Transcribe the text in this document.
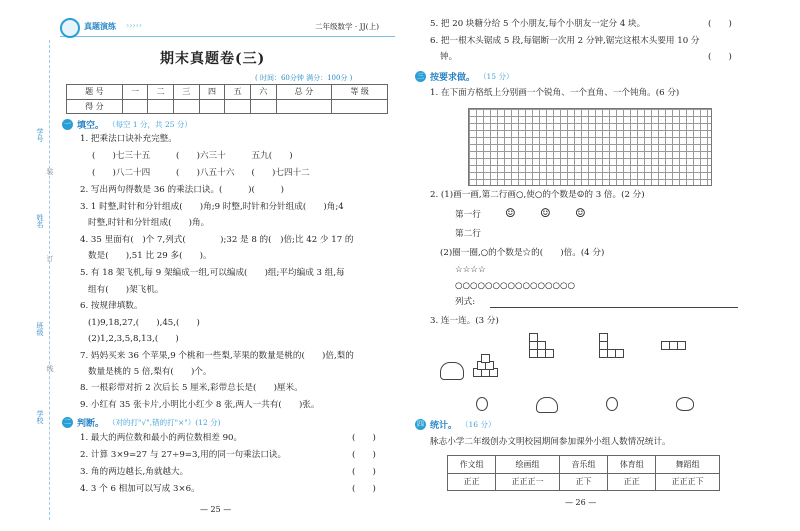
真题演练 ›››››	二年级数学 · JJ(上)
期末真题卷(三)
( 时间：60分钟 满分：100分 )
题 号	一	二	三	四	五	六	总 分	等 级
得 分								
学号
姓名
班级
学校
装
订
线
一 填空。 （每空 1 分，共 25 分）
1. 把乘法口诀补充完整。
(　　)七三十五　　　(　　)六三十　　　五九(　　)
(　　)八二十四　　　(　　)八五十六　　(　　)七四十二
2. 写出两句得数是 36 的乘法口诀。(　　　)(　　　)
3. 1 时整,时针和分针组成(　　)角;9 时整,时针和分针组成(　　)角;4
时整,时针和分针组成(　　)角。
4. 35 里面有(　)个 7,列式(　　　　);32 是 8 的(　)倍;比 42 少 17 的
数是(　　),51 比 29 多(　　)。
5. 有 18 架飞机,每 9 架编成一组,可以编成(　　)组;平均编成 3 组,每
组有(　　)架飞机。
6. 按规律填数。
(1)9,18,27,(　　),45,(　　)
(2)1,2,3,5,8,13,(　　)
7. 妈妈买来 36 个苹果,9 个桃和一些梨,苹果的数量是桃的(　　)倍,梨的
数量是桃的 5 倍,梨有(　　)个。
8. 一根彩带对折 2 次后长 5 厘米,彩带总长是(　　)厘米。
9. 小红有 35 张卡片,小明比小红少 8 张,两人一共有(　　)张。
二 判断。 （对的打"√",错的打"×"）(12 分)
1. 最大的两位数和最小的两位数相差 90。
2. 计算 3×9=27 与 27÷9=3,用的同一句乘法口诀。
3. 角的两边越长,角就越大。
4. 3 个 6 相加可以写成 3×6。
(　　)
(　　)
(　　)
(　　)
— 25 —
5. 把 20 块糖分给 5 个小朋友,每个小朋友一定分 4 块。	(　　)
6. 把一根木头锯成 5 段,每锯断一次用 2 分钟,锯完这根木头要用 10 分
钟。	(　　)
三 按要求做。 （15 分）
1. 在下面方格纸上分别画一个锐角、一个直角、一个钝角。(6 分)
2. (1)画一画,第二行画○,使○的个数是☺的 3 倍。(2 分)
第一行 ☺ ☺ ☺
第二行
(2)圈一圈,○的个数是☆的(　　)倍。(4 分)
☆☆☆☆
○○○○○○○○○○○○○○○○
列式:
3. 连一连。(3 分)
四 统计。 （16 分）
脉志小学二年级创办文明校园期间参加课外小组人数情况统计。
作文组	绘画组	音乐组	体育组	舞蹈组
正正	正正正一	正下	正正	正正正下
— 26 —
